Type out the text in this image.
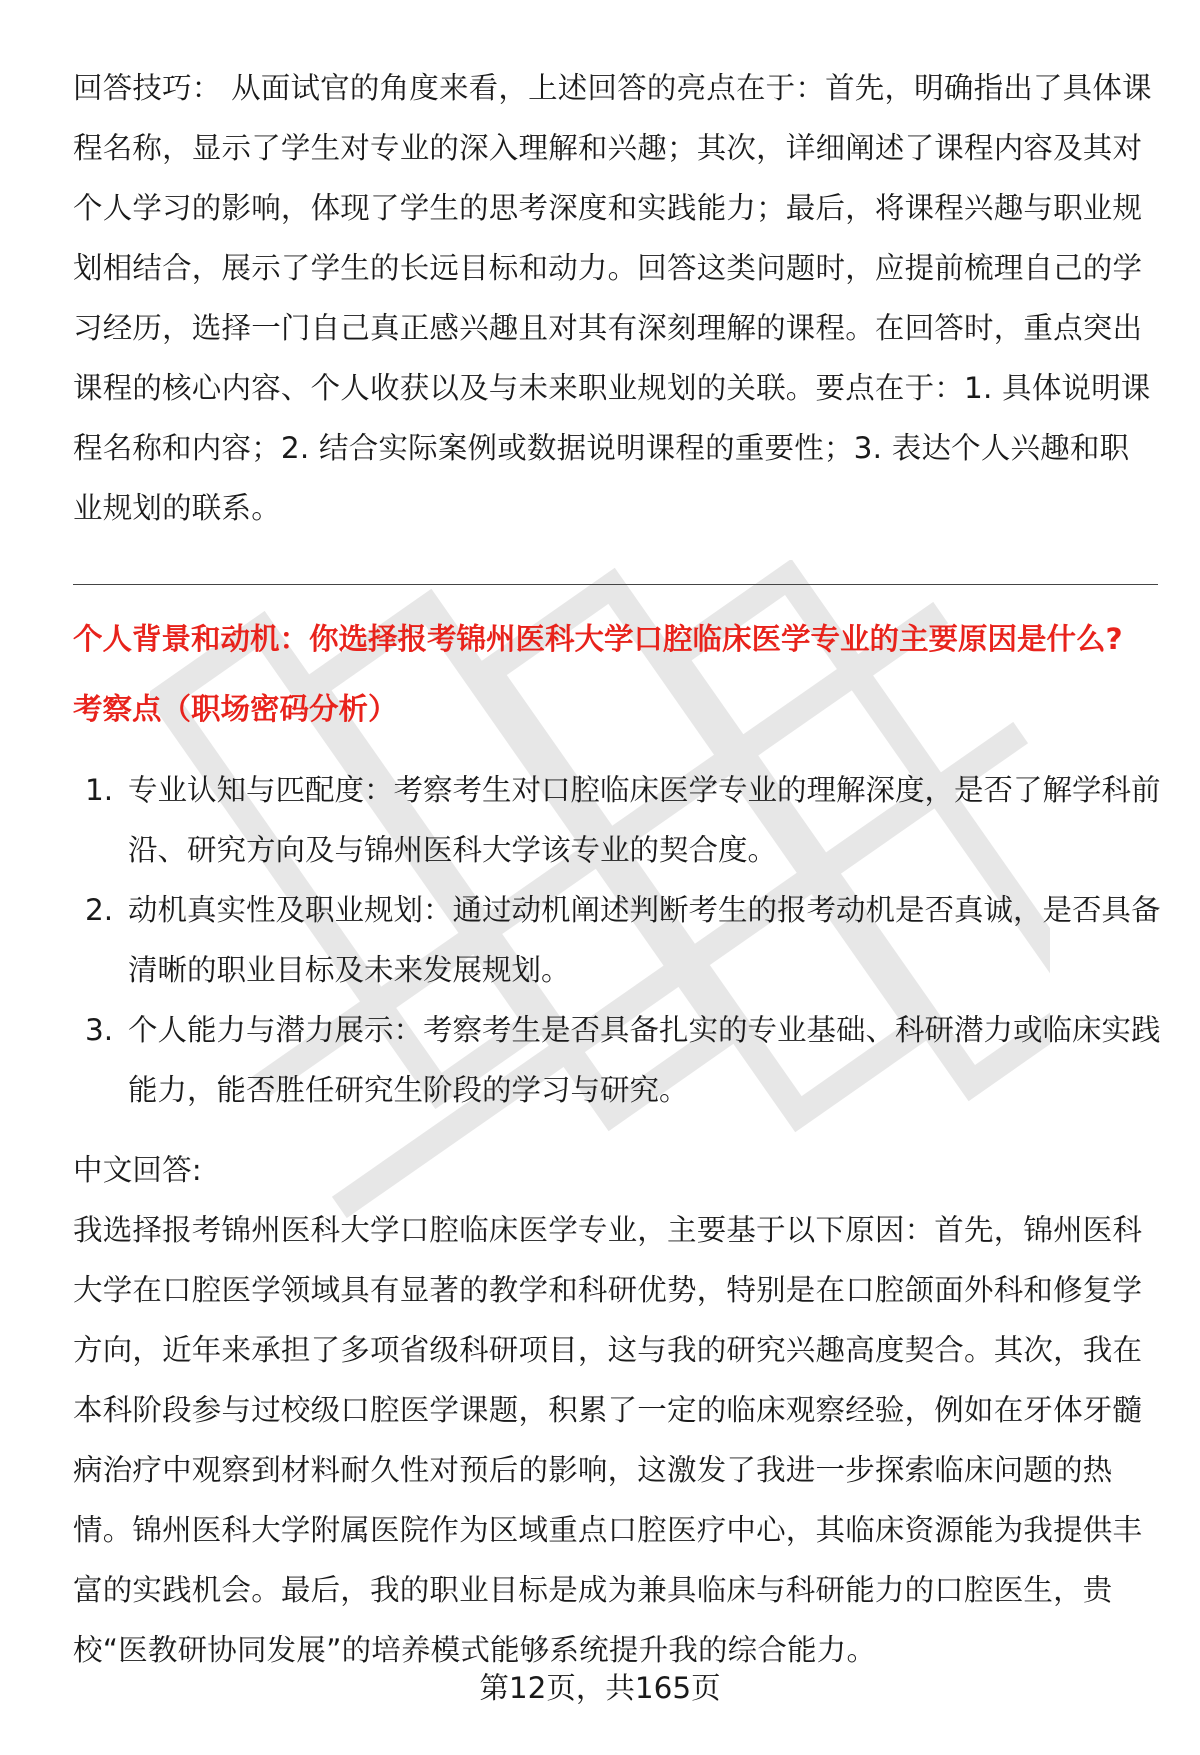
回答技巧： 从面试官的角度来看，上述回答的亮点在于：首先，明确指出了具体课程名称，显示了学生对专业的深入理解和兴趣；其次，详细阐述了课程内容及其对个人学习的影响，体现了学生的思考深度和实践能力；最后，将课程兴趣与职业规划相结合，展示了学生的长远目标和动力。回答这类问题时，应提前梳理自己的学习经历，选择一门自己真正感兴趣且对其有深刻理解的课程。在回答时，重点突出课程的核心内容、个人收获以及与未来职业规划的关联。要点在于：1. 具体说明课程名称和内容；2. 结合实际案例或数据说明课程的重要性；3. 表达个人兴趣和职业规划的联系。

个人背景和动机：你选择报考锦州医科大学口腔临床医学专业的主要原因是什么?

考察点（职场密码分析）

1. 专业认知与匹配度：考察考生对口腔临床医学专业的理解深度，是否了解学科前沿、研究方向及与锦州医科大学该专业的契合度。
2. 动机真实性及职业规划：通过动机阐述判断考生的报考动机是否真诚，是否具备清晰的职业目标及未来发展规划。
3. 个人能力与潜力展示：考察考生是否具备扎实的专业基础、科研潜力或临床实践能力，能否胜任研究生阶段的学习与研究。

中文回答:

我选择报考锦州医科大学口腔临床医学专业，主要基于以下原因：首先，锦州医科大学在口腔医学领域具有显著的教学和科研优势，特别是在口腔颌面外科和修复学方向，近年来承担了多项省级科研项目，这与我的研究兴趣高度契合。其次，我在本科阶段参与过校级口腔医学课题，积累了一定的临床观察经验，例如在牙体牙髓病治疗中观察到材料耐久性对预后的影响，这激发了我进一步探索临床问题的热情。锦州医科大学附属医院作为区域重点口腔医疗中心，其临床资源能为我提供丰富的实践机会。最后，我的职业目标是成为兼具临床与科研能力的口腔医生，贵校“医教研协同发展”的培养模式能够系统提升我的综合能力。

第12页，共165页
